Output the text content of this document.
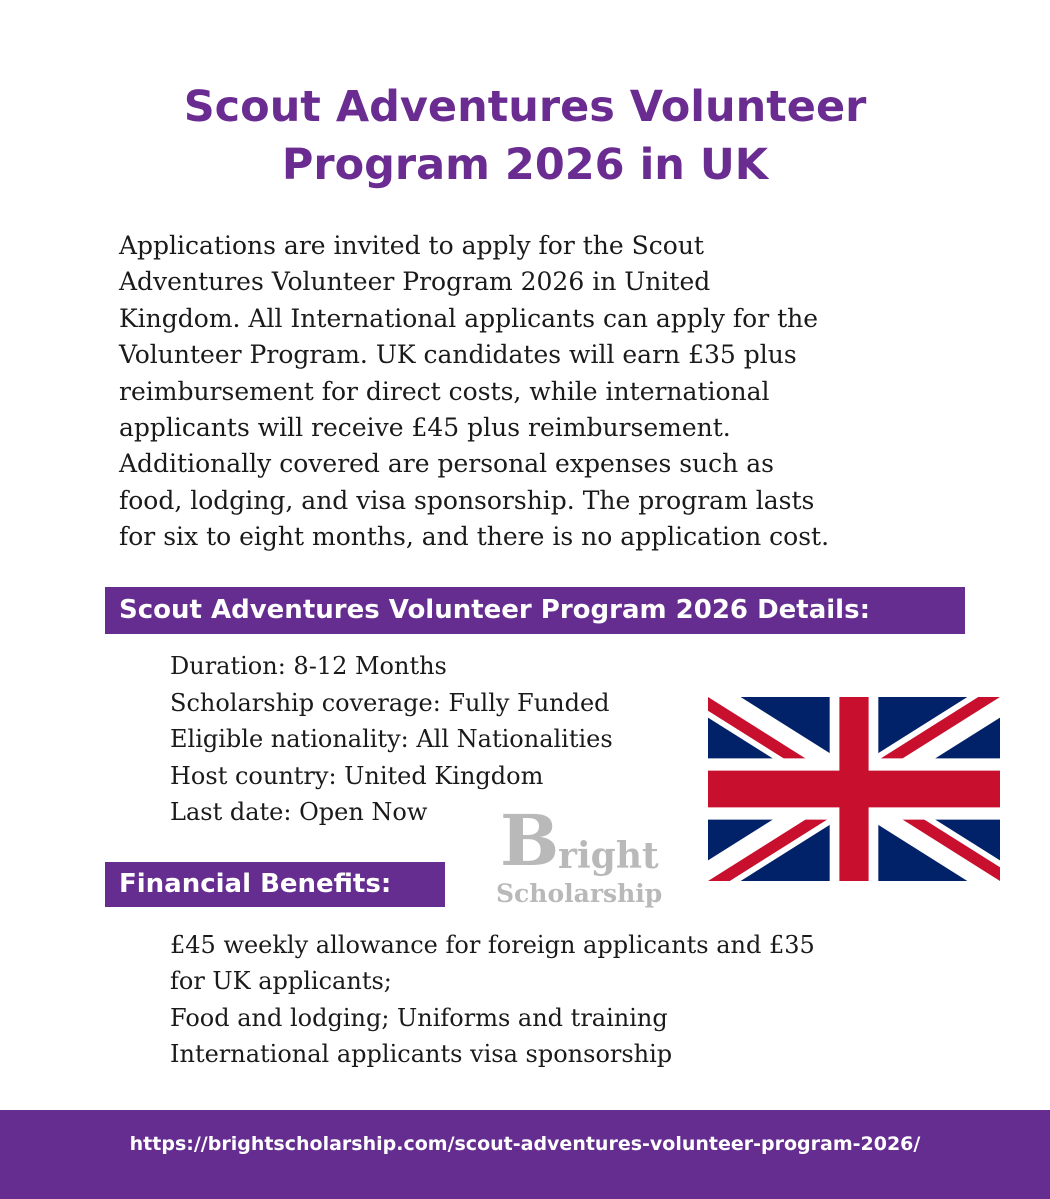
Scout Adventures Volunteer
Program 2026 in UK

Applications are invited to apply for the Scout
Adventures Volunteer Program 2026 in United
Kingdom. All International applicants can apply for the
Volunteer Program. UK candidates will earn £35 plus
reimbursement for direct costs, while international
applicants will receive £45 plus reimbursement.
Additionally covered are personal expenses such as
food, lodging, and visa sponsorship. The program lasts
for six to eight months, and there is no application cost.

Scout Adventures Volunteer Program 2026 Details:
Duration: 8-12 Months
Scholarship coverage: Fully Funded
Eligible nationality: All Nationalities
Host country: United Kingdom
Last date: Open Now	B
right
Scholarship
Financial Benefits:
£45 weekly allowance for foreign applicants and £35
for UK applicants;
Food and lodging; Uniforms and training
International applicants visa sponsorship
https://brightscholarship.com/scout-adventures-volunteer-program-2026/
